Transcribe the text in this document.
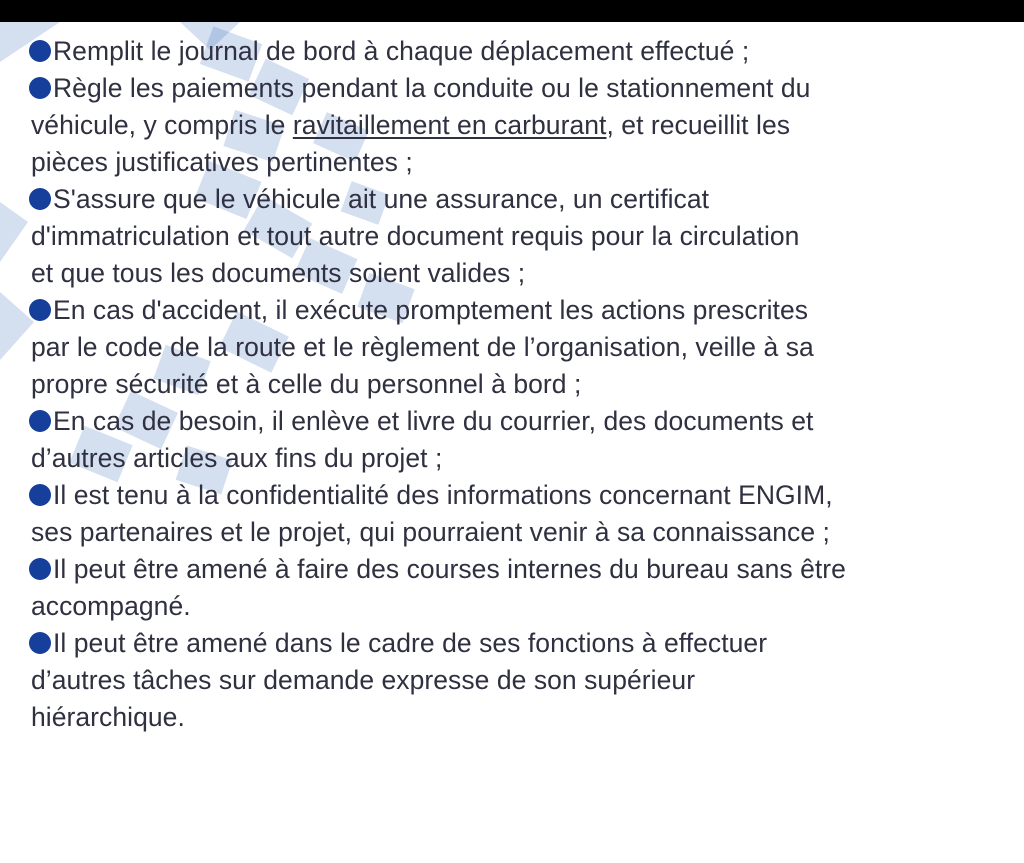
Remplit le journal de bord à chaque déplacement effectué ;
Règle les paiements pendant la conduite ou le stationnement du
véhicule, y compris le ravitaillement en carburant, et recueillit les
pièces justificatives pertinentes ;
S'assure que le véhicule ait une assurance, un certificat
d'immatriculation et tout autre document requis pour la circulation
et que tous les documents soient valides ;
En cas d'accident, il exécute promptement les actions prescrites
par le code de la route et le règlement de l’organisation, veille à sa
propre sécurité et à celle du personnel à bord ;
En cas de besoin, il enlève et livre du courrier, des documents et
d’autres articles aux fins du projet ;
Il est tenu à la confidentialité des informations concernant ENGIM,
ses partenaires et le projet, qui pourraient venir à sa connaissance ;
Il peut être amené à faire des courses internes du bureau sans être
accompagné.
Il peut être amené dans le cadre de ses fonctions à effectuer
d’autres tâches sur demande expresse de son supérieur
hiérarchique.
